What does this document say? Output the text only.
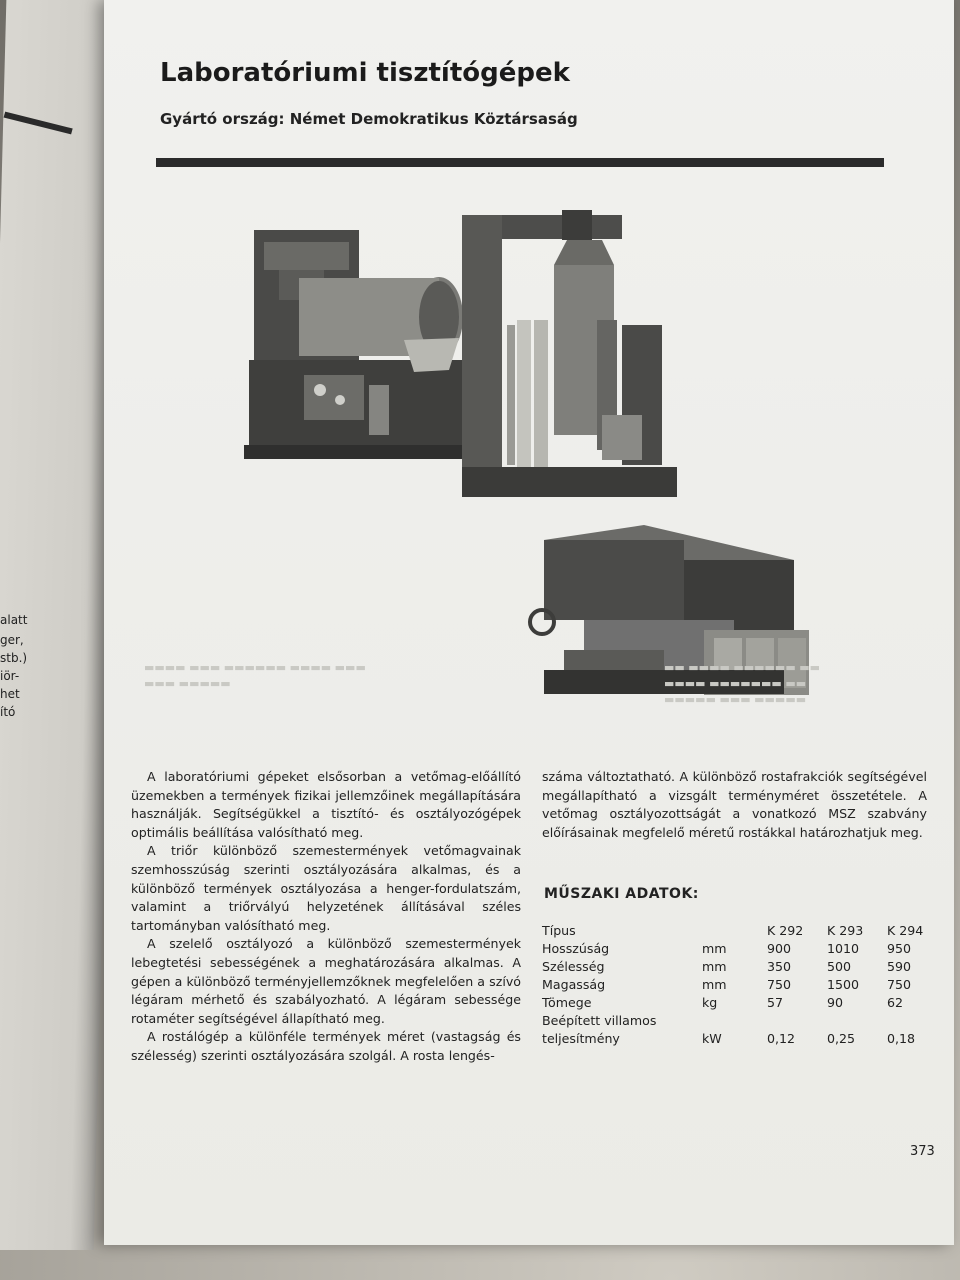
alatt
ger,
stb.)
iör-
het
ító
Laboratóriumi tisztítógépek
Gyártó ország: Német Demokratikus Köztársaság
▬▬▬▬ ▬▬▬ ▬▬▬▬▬▬ ▬▬▬▬ ▬▬▬
▬▬▬ ▬▬▬▬▬
▬▬ ▬▬▬▬ ▬▬▬▬▬▬ ▬▬
▬▬▬▬ ▬▬▬▬▬▬▬ ▬▬
▬▬▬▬▬ ▬▬▬ ▬▬▬▬▬

A laboratóriumi gépeket elsősorban a vetőmag-előállító üzemekben a termények fizikai jellemzőinek megállapítására használják. Segítségükkel a tisztító- és osztályozógépek optimális beállítása valósítható meg.

A triőr különböző szemestermények vetőmagvainak szemhosszúság szerinti osztályozására alkalmas, és a különböző termények osztályozása a henger-fordulatszám, valamint a triőrvályú helyzetének állításával széles tartományban valósítható meg.

A szelelő osztályozó a különböző szemestermények lebegtetési sebességének a meghatározására alkalmas. A gépen a különböző terményjellemzőknek megfelelően a szívó légáram mérhető és szabályozható. A légáram sebessége rotaméter segítségével állapítható meg.

A rostálógép a különféle termények méret (vastagság és szélesség) szerinti osztályozására szolgál. A rosta lengés-

száma változtatható. A különböző rostafrakciók segítségével megállapítható a vizsgált terményméret összetétele. A vetőmag osztályozottságát a vonatkozó MSZ szabvány előírásainak megfelelő méretű rostákkal határozhatjuk meg.

MŰSZAKI ADATOK:
Típus		K 292	K 293	K 294
Hosszúság	mm	900	1010	950
Szélesség	mm	350	500	590
Magasság	mm	750	1500	750
Tömege	kg	57	90	62
Beépített villamos				
teljesítmény	kW	0,12	0,25	0,18

373
